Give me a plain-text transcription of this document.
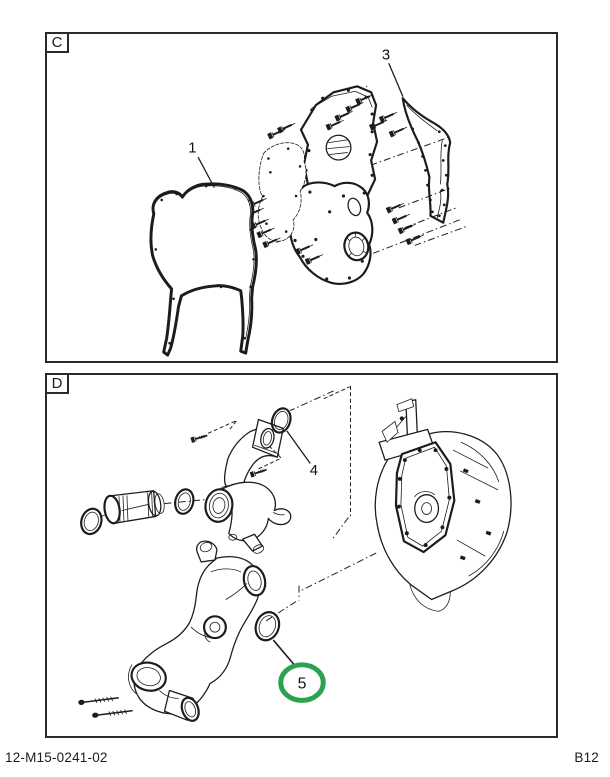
C
1
3
D
4
5
12-M15-0241-02	B12
